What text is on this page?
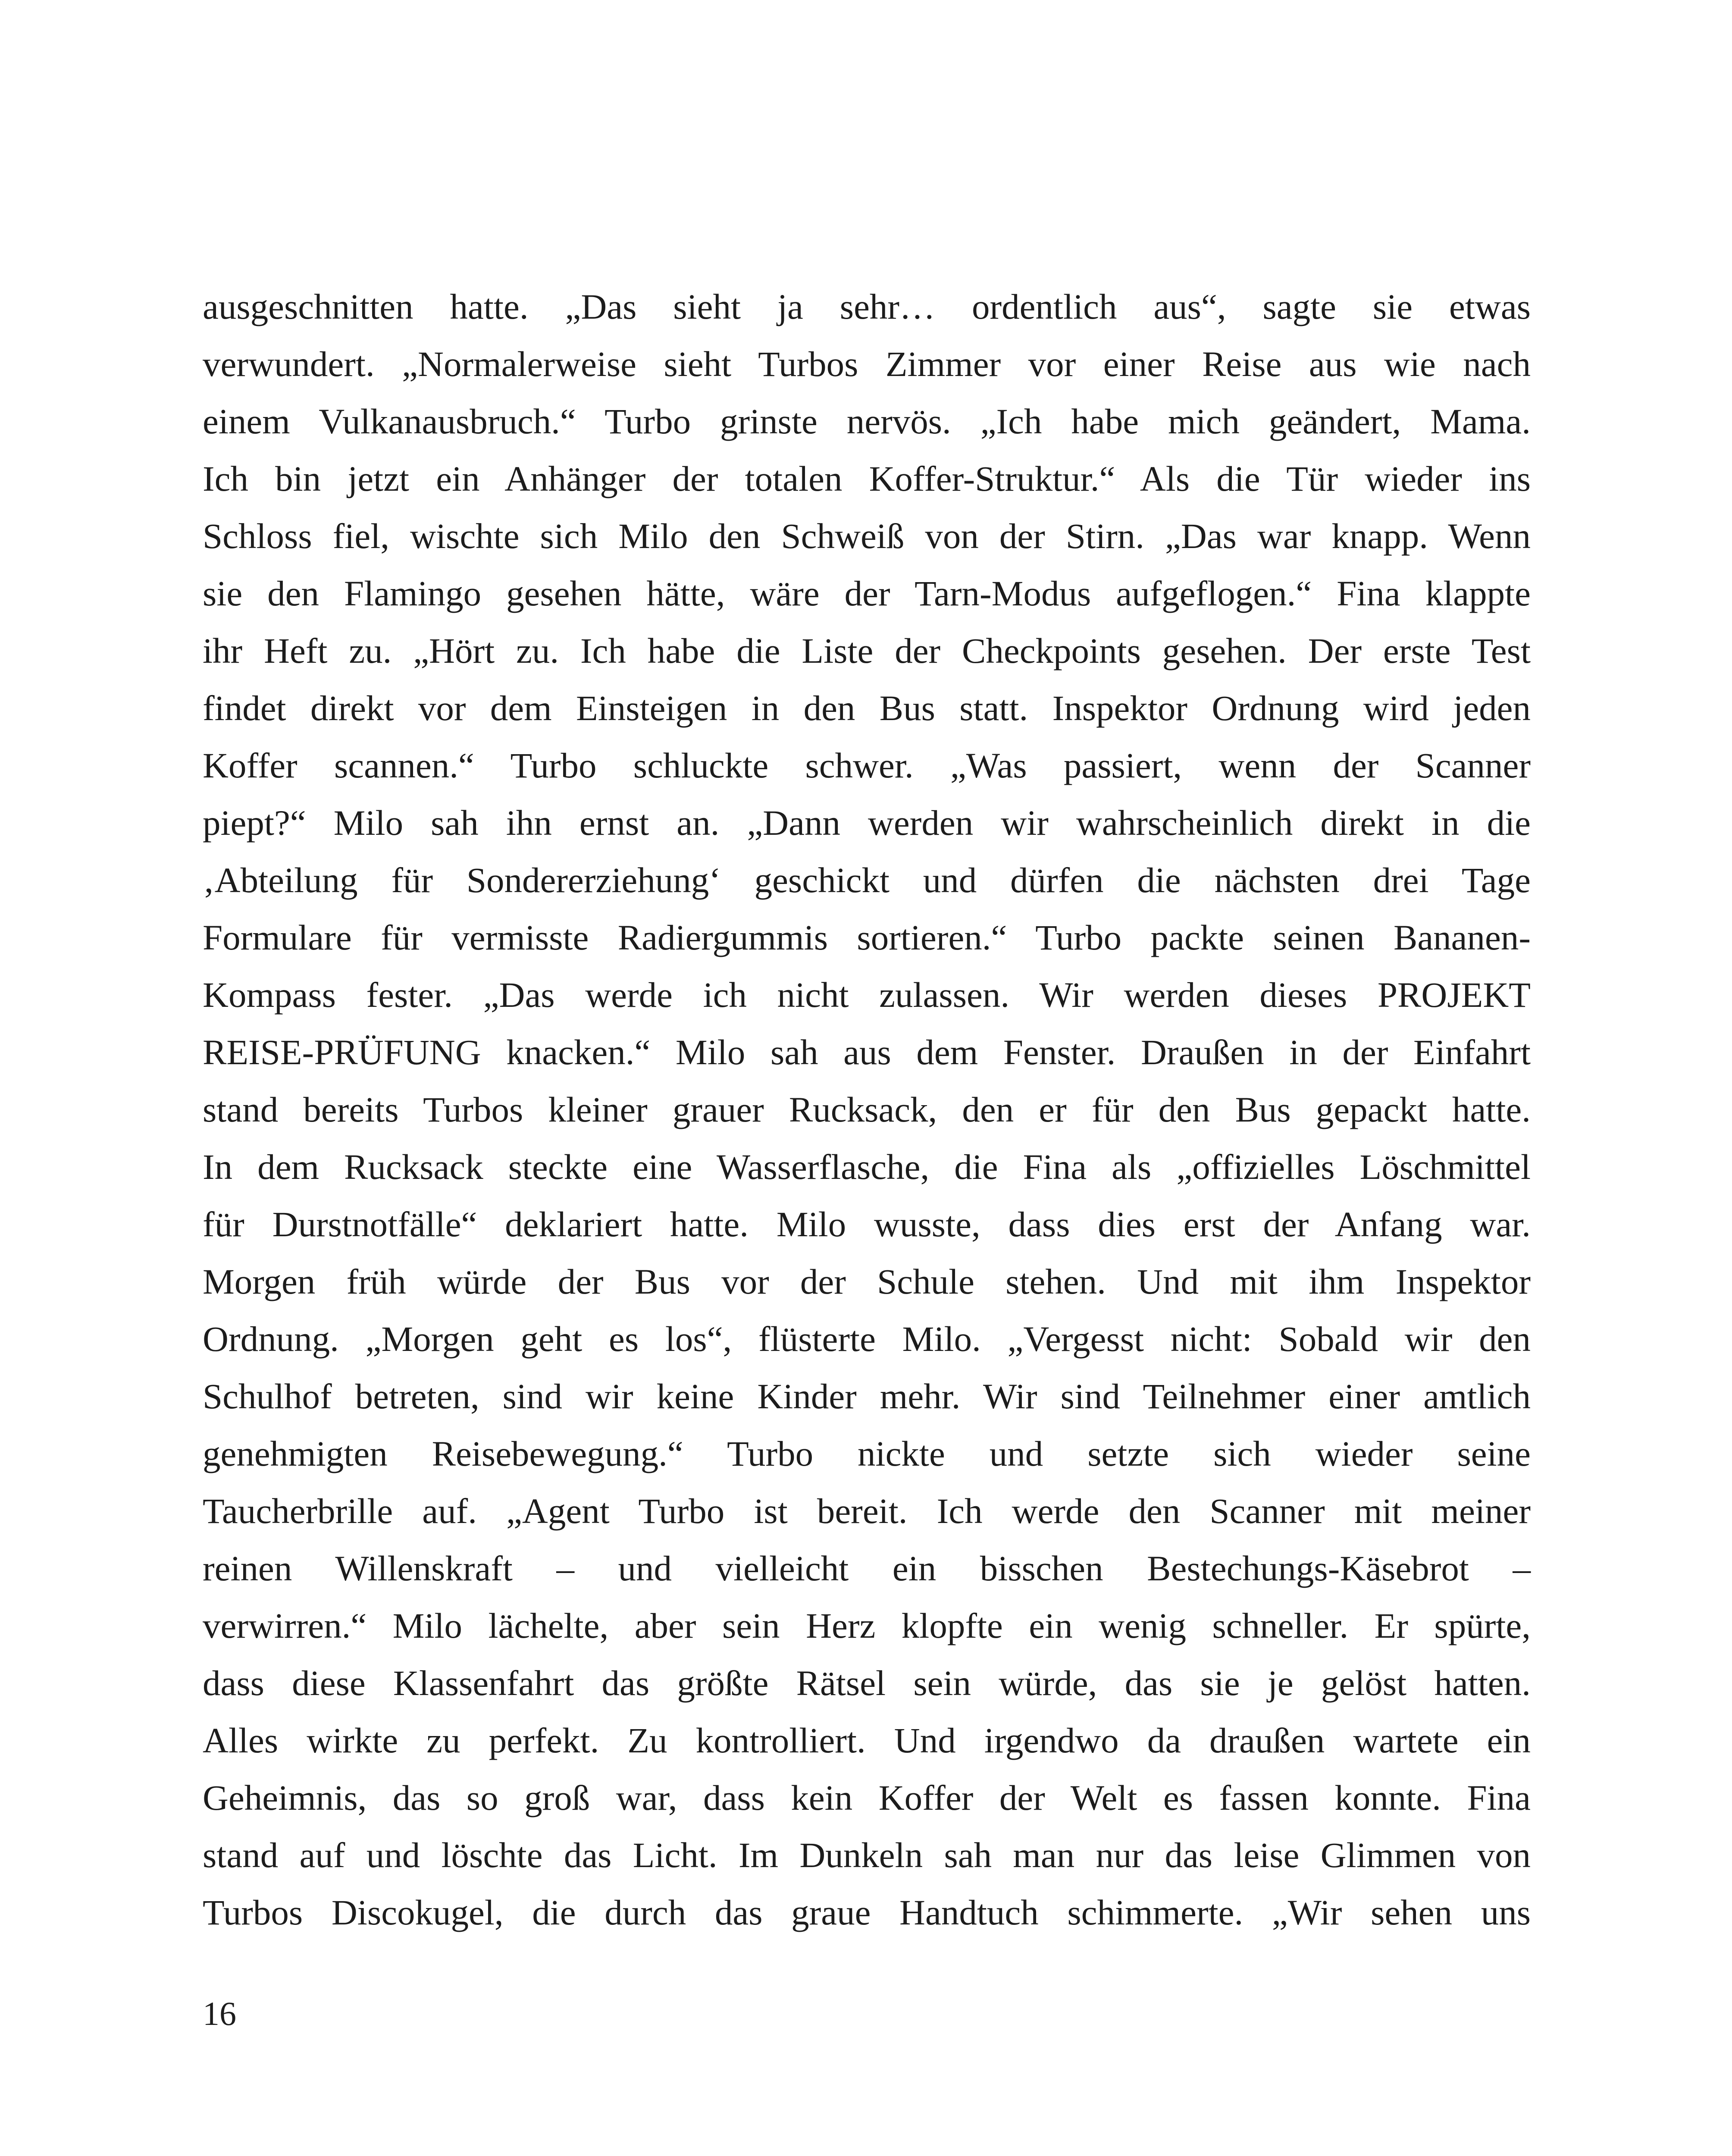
ausgeschnitten hatte. „Das sieht ja sehr… ordentlich aus“, sagte sie etwas
verwundert. „Normalerweise sieht Turbos Zimmer vor einer Reise aus wie nach
einem Vulkanausbruch.“ Turbo grinste nervös. „Ich habe mich geändert, Mama.
Ich bin jetzt ein Anhänger der totalen Koffer-Struktur.“ Als die Tür wieder ins
Schloss fiel, wischte sich Milo den Schweiß von der Stirn. „Das war knapp. Wenn
sie den Flamingo gesehen hätte, wäre der Tarn-Modus aufgeflogen.“ Fina klappte
ihr Heft zu. „Hört zu. Ich habe die Liste der Checkpoints gesehen. Der erste Test
findet direkt vor dem Einsteigen in den Bus statt. Inspektor Ordnung wird jeden
Koffer scannen.“ Turbo schluckte schwer. „Was passiert, wenn der Scanner
piept?“ Milo sah ihn ernst an. „Dann werden wir wahrscheinlich direkt in die
‚Abteilung für Sondererziehung‘ geschickt und dürfen die nächsten drei Tage
Formulare für vermisste Radiergummis sortieren.“ Turbo packte seinen Bananen-
Kompass fester. „Das werde ich nicht zulassen. Wir werden dieses PROJEKT
REISE-PRÜFUNG knacken.“ Milo sah aus dem Fenster. Draußen in der Einfahrt
stand bereits Turbos kleiner grauer Rucksack, den er für den Bus gepackt hatte.
In dem Rucksack steckte eine Wasserflasche, die Fina als „offizielles Löschmittel
für Durstnotfälle“ deklariert hatte. Milo wusste, dass dies erst der Anfang war.
Morgen früh würde der Bus vor der Schule stehen. Und mit ihm Inspektor
Ordnung. „Morgen geht es los“, flüsterte Milo. „Vergesst nicht: Sobald wir den
Schulhof betreten, sind wir keine Kinder mehr. Wir sind Teilnehmer einer amtlich
genehmigten Reisebewegung.“ Turbo nickte und setzte sich wieder seine
Taucherbrille auf. „Agent Turbo ist bereit. Ich werde den Scanner mit meiner
reinen Willenskraft – und vielleicht ein bisschen Bestechungs-Käsebrot –
verwirren.“ Milo lächelte, aber sein Herz klopfte ein wenig schneller. Er spürte,
dass diese Klassenfahrt das größte Rätsel sein würde, das sie je gelöst hatten.
Alles wirkte zu perfekt. Zu kontrolliert. Und irgendwo da draußen wartete ein
Geheimnis, das so groß war, dass kein Koffer der Welt es fassen konnte. Fina
stand auf und löschte das Licht. Im Dunkeln sah man nur das leise Glimmen von
Turbos Discokugel, die durch das graue Handtuch schimmerte. „Wir sehen uns
16
